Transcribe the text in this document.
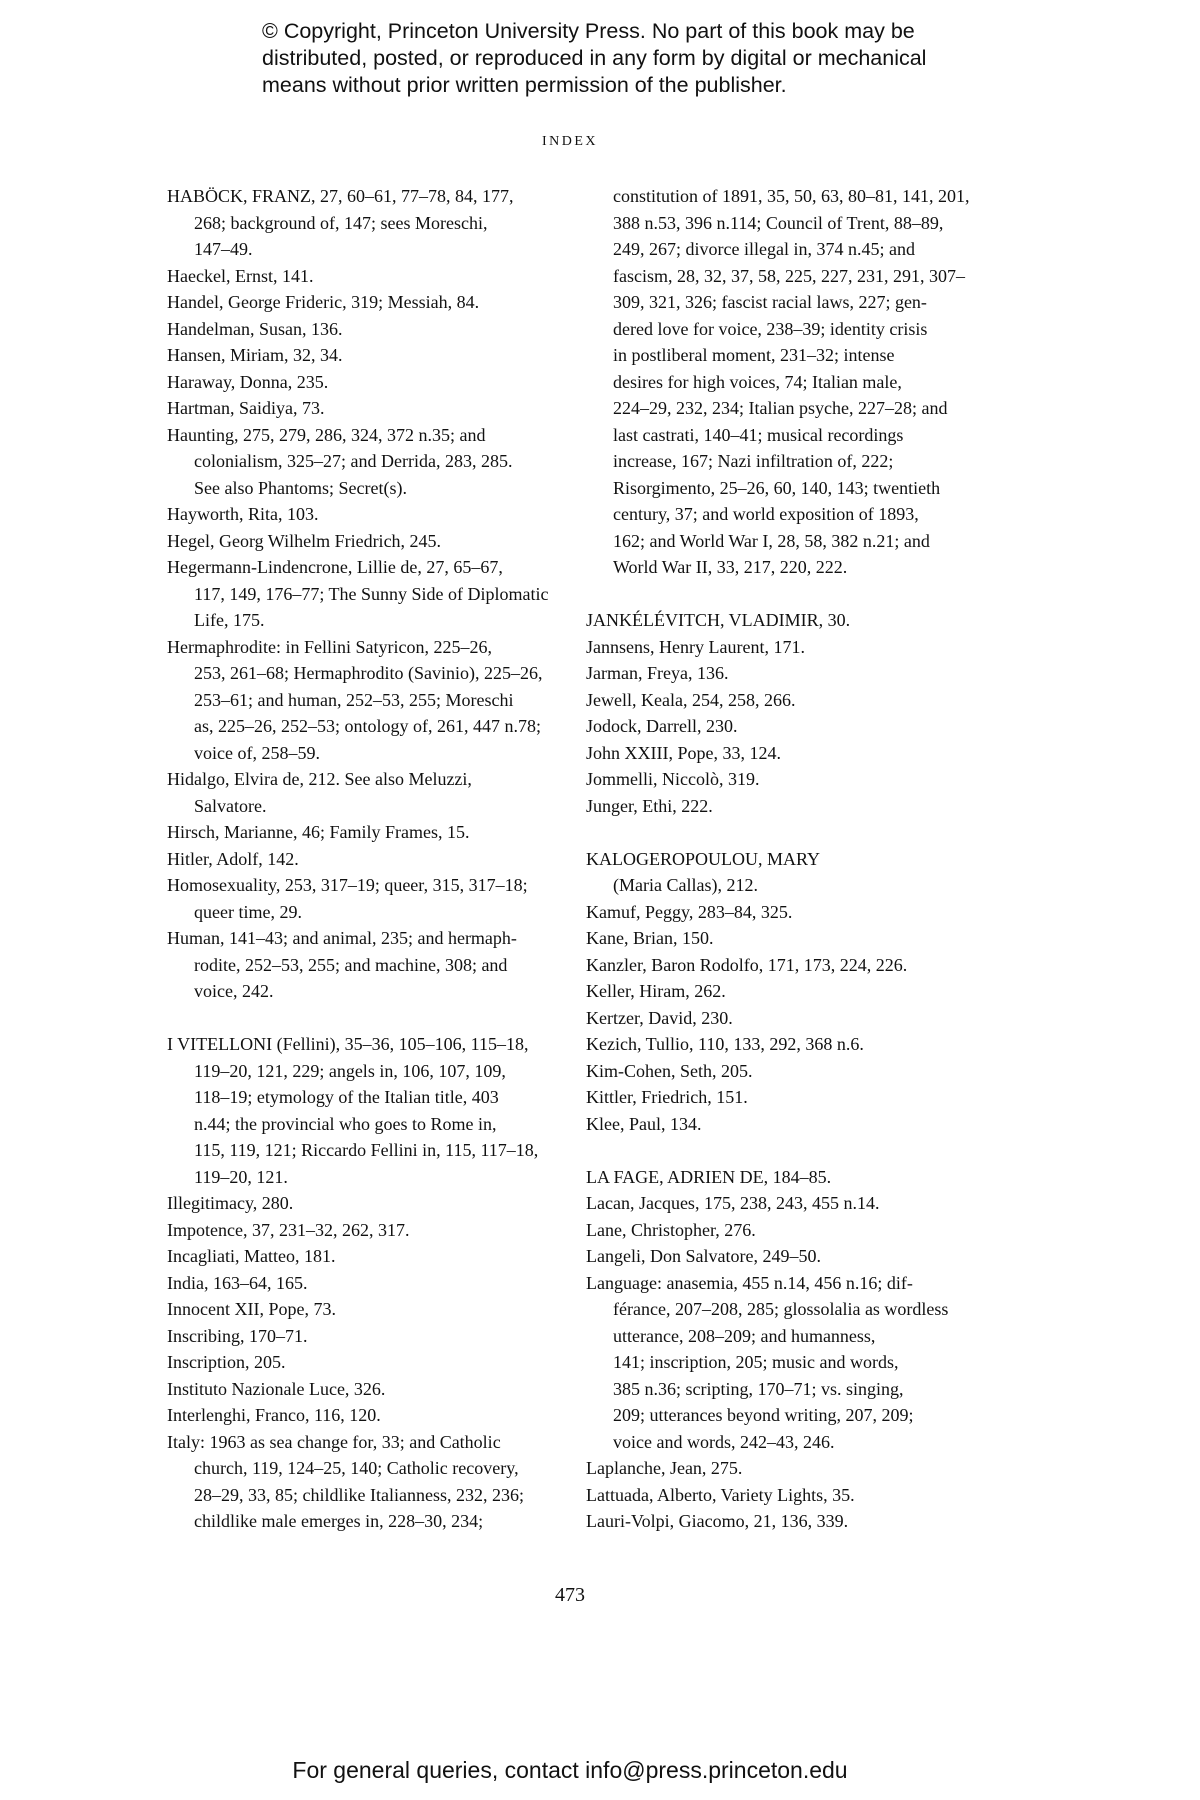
© Copyright, Princeton University Press. No part of this book may be
distributed, posted, or reproduced in any form by digital or mechanical
means without prior written permission of the publisher.
INDEX
HABÖCK, FRANZ, 27, 60–61, 77–78, 84, 177,
268; background of, 147; sees Moreschi,
147–49.
Haeckel, Ernst, 141.
Handel, George Frideric, 319; Messiah, 84.
Handelman, Susan, 136.
Hansen, Miriam, 32, 34.
Haraway, Donna, 235.
Hartman, Saidiya, 73.
Haunting, 275, 279, 286, 324, 372 n.35; and
colonialism, 325–27; and Derrida, 283, 285.
See also Phantoms; Secret(s).
Hayworth, Rita, 103.
Hegel, Georg Wilhelm Friedrich, 245.
Hegermann-Lindencrone, Lillie de, 27, 65–67,
117, 149, 176–77; The Sunny Side of Diplomatic
Life, 175.
Hermaphrodite: in Fellini Satyricon, 225–26,
253, 261–68; Hermaphrodito (Savinio), 225–26,
253–61; and human, 252–53, 255; Moreschi
as, 225–26, 252–53; ontology of, 261, 447 n.78;
voice of, 258–59.
Hidalgo, Elvira de, 212. See also Meluzzi,
Salvatore.
Hirsch, Marianne, 46; Family Frames, 15.
Hitler, Adolf, 142.
Homosexuality, 253, 317–19; queer, 315, 317–18;
queer time, 29.
Human, 141–43; and animal, 235; and hermaph-
rodite, 252–53, 255; and machine, 308; and
voice, 242.
I VITELLONI (Fellini), 35–36, 105–106, 115–18,
119–20, 121, 229; angels in, 106, 107, 109,
118–19; etymology of the Italian title, 403
n.44; the provincial who goes to Rome in,
115, 119, 121; Riccardo Fellini in, 115, 117–18,
119–20, 121.
Illegitimacy, 280.
Impotence, 37, 231–32, 262, 317.
Incagliati, Matteo, 181.
India, 163–64, 165.
Innocent XII, Pope, 73.
Inscribing, 170–71.
Inscription, 205.
Instituto Nazionale Luce, 326.
Interlenghi, Franco, 116, 120.
Italy: 1963 as sea change for, 33; and Catholic
church, 119, 124–25, 140; Catholic recovery,
28–29, 33, 85; childlike Italianness, 232, 236;
childlike male emerges in, 228–30, 234;
constitution of 1891, 35, 50, 63, 80–81, 141, 201,
388 n.53, 396 n.114; Council of Trent, 88–89,
249, 267; divorce illegal in, 374 n.45; and
fascism, 28, 32, 37, 58, 225, 227, 231, 291, 307–
309, 321, 326; fascist racial laws, 227; gen-
dered love for voice, 238–39; identity crisis
in postliberal moment, 231–32; intense
desires for high voices, 74; Italian male,
224–29, 232, 234; Italian psyche, 227–28; and
last castrati, 140–41; musical recordings
increase, 167; Nazi infiltration of, 222;
Risorgimento, 25–26, 60, 140, 143; twentieth
century, 37; and world exposition of 1893,
162; and World War I, 28, 58, 382 n.21; and
World War II, 33, 217, 220, 222.
JANKÉLÉVITCH, VLADIMIR, 30.
Jannsens, Henry Laurent, 171.
Jarman, Freya, 136.
Jewell, Keala, 254, 258, 266.
Jodock, Darrell, 230.
John XXIII, Pope, 33, 124.
Jommelli, Niccolò, 319.
Junger, Ethi, 222.
KALOGEROPOULOU, MARY
(Maria Callas), 212.
Kamuf, Peggy, 283–84, 325.
Kane, Brian, 150.
Kanzler, Baron Rodolfo, 171, 173, 224, 226.
Keller, Hiram, 262.
Kertzer, David, 230.
Kezich, Tullio, 110, 133, 292, 368 n.6.
Kim-Cohen, Seth, 205.
Kittler, Friedrich, 151.
Klee, Paul, 134.
LA FAGE, ADRIEN DE, 184–85.
Lacan, Jacques, 175, 238, 243, 455 n.14.
Lane, Christopher, 276.
Langeli, Don Salvatore, 249–50.
Language: anasemia, 455 n.14, 456 n.16; dif-
férance, 207–208, 285; glossolalia as wordless
utterance, 208–209; and humanness,
141; inscription, 205; music and words,
385 n.36; scripting, 170–71; vs. singing,
209; utterances beyond writing, 207, 209;
voice and words, 242–43, 246.
Laplanche, Jean, 275.
Lattuada, Alberto, Variety Lights, 35.
Lauri-Volpi, Giacomo, 21, 136, 339.
473
For general queries, contact info@press.princeton.edu
